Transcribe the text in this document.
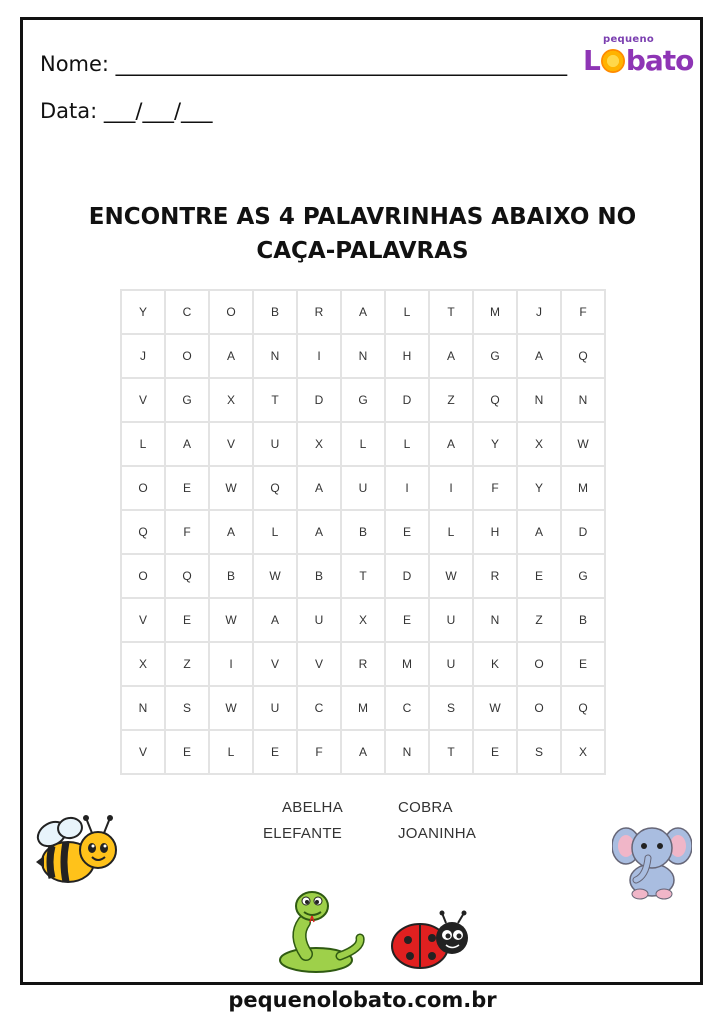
Nome: ___________________________________________
Data: ___/___/___
pequeno
L bato
ENCONTRE AS 4 PALAVRINHAS ABAIXO NO
CAÇA-PALAVRAS
Y	C	O	B	R	A	L	T	M	J	F
J	O	A	N	I	N	H	A	G	A	Q
V	G	X	T	D	G	D	Z	Q	N	N
L	A	V	U	X	L	L	A	Y	X	W
O	E	W	Q	A	U	I	I	F	Y	M
Q	F	A	L	A	B	E	L	H	A	D
O	Q	B	W	B	T	D	W	R	E	G
V	E	W	A	U	X	E	U	N	Z	B
X	Z	I	V	V	R	M	U	K	O	E
N	S	W	U	C	M	C	S	W	O	Q
V	E	L	E	F	A	N	T	E	S	X
ABELHA	COBRA
ELEFANTE	JOANINHA
pequenolobato.com.br
